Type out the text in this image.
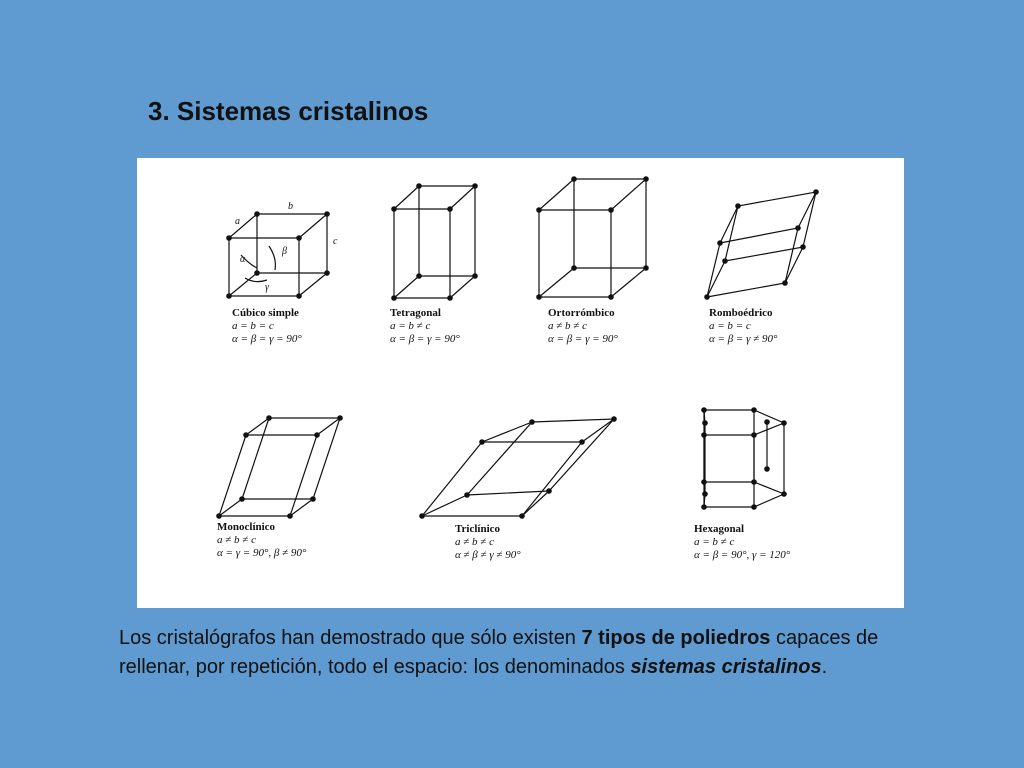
3. Sistemas cristalinos
a
b
c
α
β
γ
Cúbico simple
a = b = c
α = β = γ = 90°
Tetragonal
a = b ≠ c
α = β = γ = 90°
Ortorrómbico
a ≠ b ≠ c
α = β = γ = 90°
Romboédrico
a = b = c
α = β = γ ≠ 90°
Monoclínico
a ≠ b ≠ c
α = γ = 90°, β ≠ 90°
Triclínico
a ≠ b ≠ c
α ≠ β ≠ γ ≠ 90°
Hexagonal
a = b ≠ c
α = β = 90°, γ = 120°

Los cristalógrafos han demostrado que sólo existen 7 tipos de poliedros capaces de rellenar, por repetición, todo el espacio: los denominados sistemas cristalinos.
